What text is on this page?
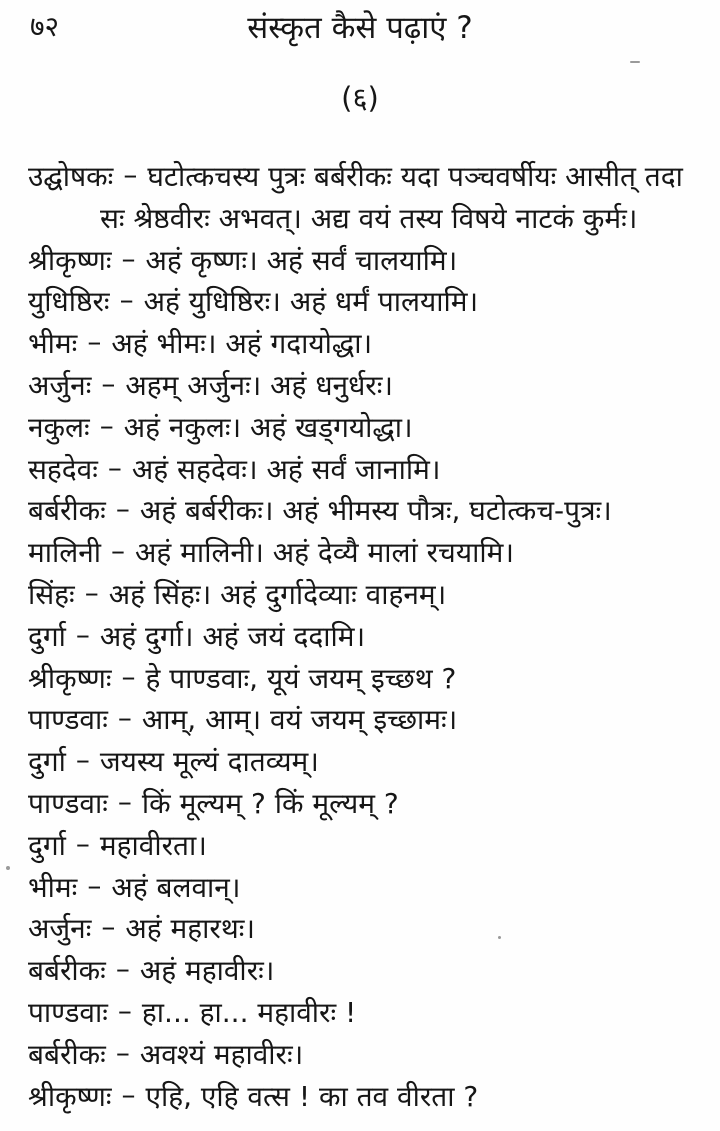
७२	संस्कृत कैसे पढ़ाएं ?
(६)

उद्घोषकः – घटोत्कचस्य पुत्रः बर्बरीकः यदा पञ्चवर्षीयः आसीत् तदा

सः श्रेष्ठवीरः अभवत्। अद्य वयं तस्य विषये नाटकं कुर्मः।

श्रीकृष्णः – अहं कृष्णः। अहं सर्वं चालयामि।

युधिष्ठिरः – अहं युधिष्ठिरः। अहं धर्मं पालयामि।

भीमः – अहं भीमः। अहं गदायोद्धा।

अर्जुनः – अहम् अर्जुनः। अहं धनुर्धरः।

नकुलः – अहं नकुलः। अहं खड्गयोद्धा।

सहदेवः – अहं सहदेवः। अहं सर्वं जानामि।

बर्बरीकः – अहं बर्बरीकः। अहं भीमस्य पौत्रः, घटोत्कच-पुत्रः।

मालिनी – अहं मालिनी। अहं देव्यै मालां रचयामि।

सिंहः – अहं सिंहः। अहं दुर्गादेव्याः वाहनम्।

दुर्गा – अहं दुर्गा। अहं जयं ददामि।

श्रीकृष्णः – हे पाण्डवाः, यूयं जयम् इच्छथ ?

पाण्डवाः – आम्, आम्। वयं जयम् इच्छामः।

दुर्गा – जयस्य मूल्यं दातव्यम्।

पाण्डवाः – किं मूल्यम् ? किं मूल्यम् ?

दुर्गा – महावीरता।

भीमः – अहं बलवान्।

अर्जुनः – अहं महारथः।

बर्बरीकः – अहं महावीरः।

पाण्डवाः – हा... हा... महावीरः !

बर्बरीकः – अवश्यं महावीरः।

श्रीकृष्णः – एहि, एहि वत्स ! का तव वीरता ?
